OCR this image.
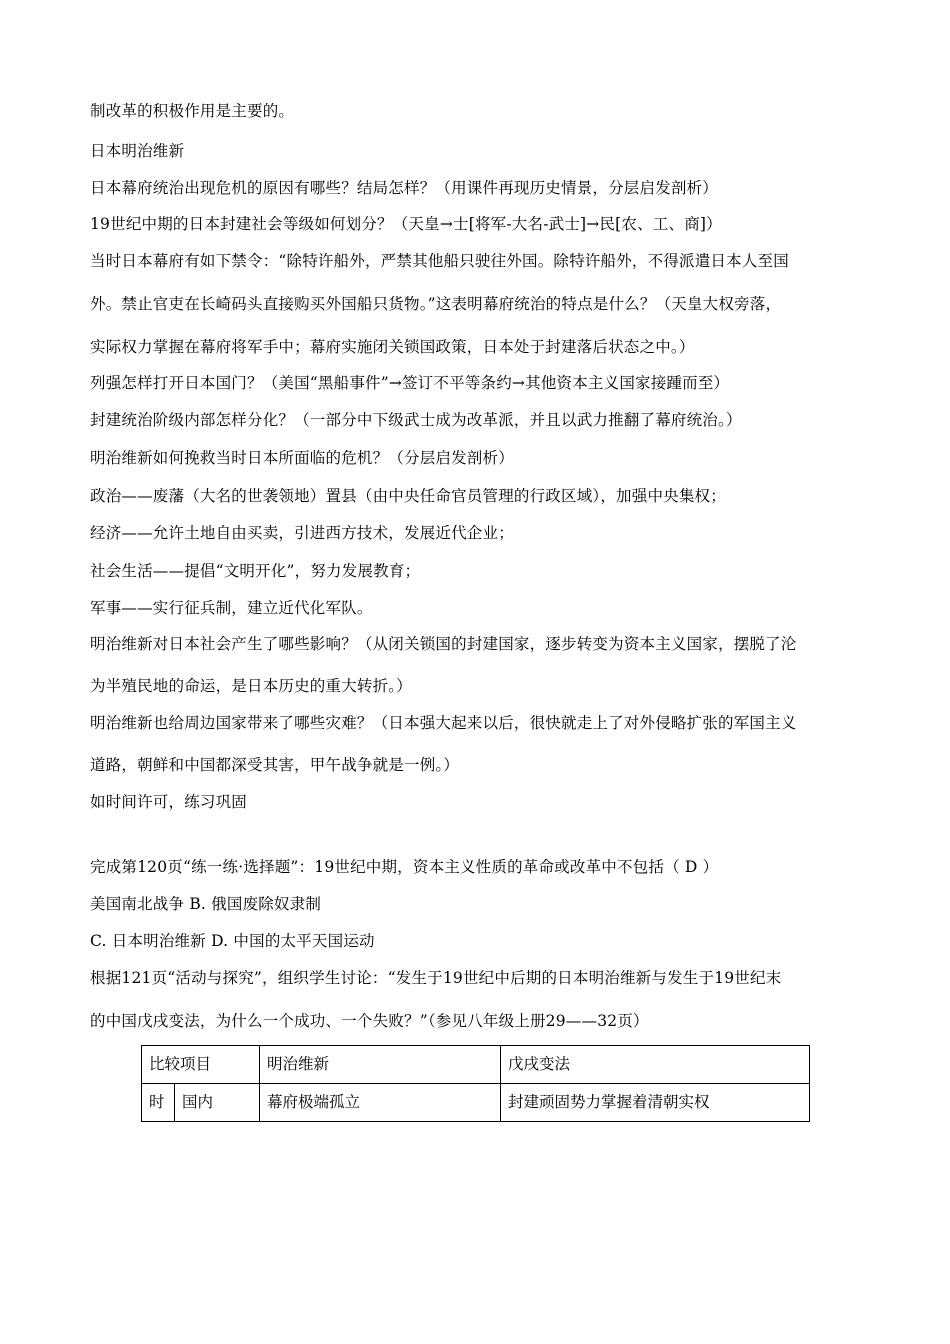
制改革的积极作用是主要的。
日本明治维新
日本幕府统治出现危机的原因有哪些？结局怎样？（用课件再现历史情景，分层启发剖析）
19世纪中期的日本封建社会等级如何划分？（天皇→士[将军-大名-武士]→民[农、工、商]）
当时日本幕府有如下禁令：“除特许船外，严禁其他船只驶往外国。除特许船外，不得派遣日本人至国
外。禁止官吏在长崎码头直接购买外国船只货物。”这表明幕府统治的特点是什么？（天皇大权旁落，
实际权力掌握在幕府将军手中；幕府实施闭关锁国政策，日本处于封建落后状态之中。）
列强怎样打开日本国门？（美国“黑船事件”→签订不平等条约→其他资本主义国家接踵而至）
封建统治阶级内部怎样分化？（一部分中下级武士成为改革派，并且以武力推翻了幕府统治。）
明治维新如何挽救当时日本所面临的危机？（分层启发剖析）
政治——废藩（大名的世袭领地）置县（由中央任命官员管理的行政区域），加强中央集权；
经济——允许土地自由买卖，引进西方技术，发展近代企业；
社会生活——提倡“文明开化”，努力发展教育；
军事——实行征兵制，建立近代化军队。
明治维新对日本社会产生了哪些影响？（从闭关锁国的封建国家，逐步转变为资本主义国家，摆脱了沦
为半殖民地的命运，是日本历史的重大转折。）
明治维新也给周边国家带来了哪些灾难？（日本强大起来以后，很快就走上了对外侵略扩张的军国主义
道路，朝鲜和中国都深受其害，甲午战争就是一例。）
如时间许可，练习巩固
完成第120页“练一练·选择题”：19世纪中期，资本主义性质的革命或改革中不包括（ D ）
美国南北战争 B. 俄国废除奴隶制
C. 日本明治维新 D. 中国的太平天国运动
根据121页“活动与探究”，组织学生讨论：“发生于19世纪中后期的日本明治维新与发生于19世纪末
的中国戊戌变法，为什么一个成功、一个失败？”（参见八年级上册29——32页）
比较项目		明治维新	戊戌变法
时	国内	幕府极端孤立	封建顽固势力掌握着清朝实权
